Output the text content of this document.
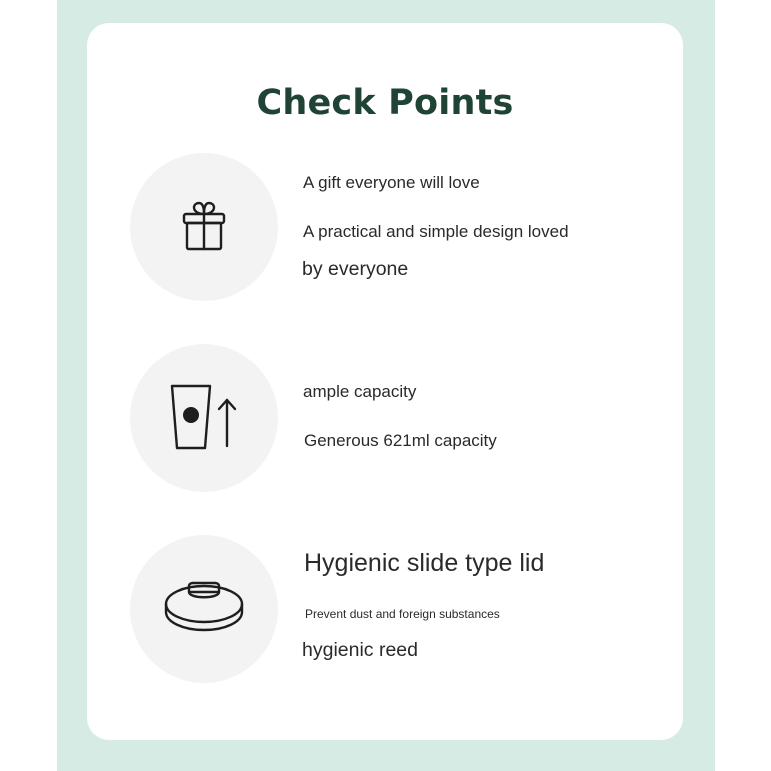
Check Points

A gift everyone will love

A practical and simple design loved

by everyone

ample capacity

Generous 621ml capacity

Hygienic slide type lid

Prevent dust and foreign substances

hygienic reed
